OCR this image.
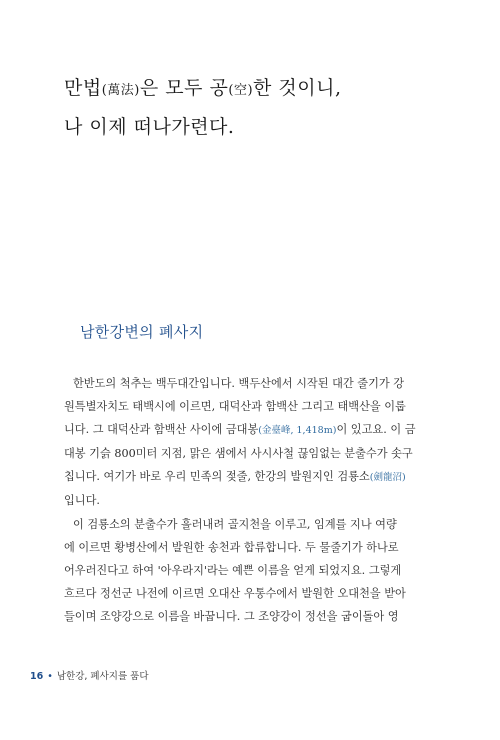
만법(萬法)은 모두 공(空)한 것이니,
나 이제 떠나가련다.
남한강변의 폐사지
한반도의 척추는 백두대간입니다. 백두산에서 시작된 대간 줄기가 강
원특별자치도 태백시에 이르면, 대덕산과 함백산 그리고 태백산을 이룹
니다. 그 대덕산과 함백산 사이에 금대봉(金臺峰, 1,418m)이 있고요. 이 금
대봉 기슭 800미터 지점, 맑은 샘에서 사시사철 끊임없는 분출수가 솟구
칩니다. 여기가 바로 우리 민족의 젖줄, 한강의 발원지인 검룡소(劍龍沼)
입니다.
이 검룡소의 분출수가 흘러내려 골지천을 이루고, 임계를 지나 여량
에 이르면 황병산에서 발원한 송천과 합류합니다. 두 물줄기가 하나로
어우러진다고 하여 '아우라지'라는 예쁜 이름을 얻게 되었지요. 그렇게
흐르다 정선군 나전에 이르면 오대산 우통수에서 발원한 오대천을 받아
들이며 조양강으로 이름을 바꿉니다. 그 조양강이 정선을 굽이돌아 영
16 • 남한강, 폐사지를 품다
